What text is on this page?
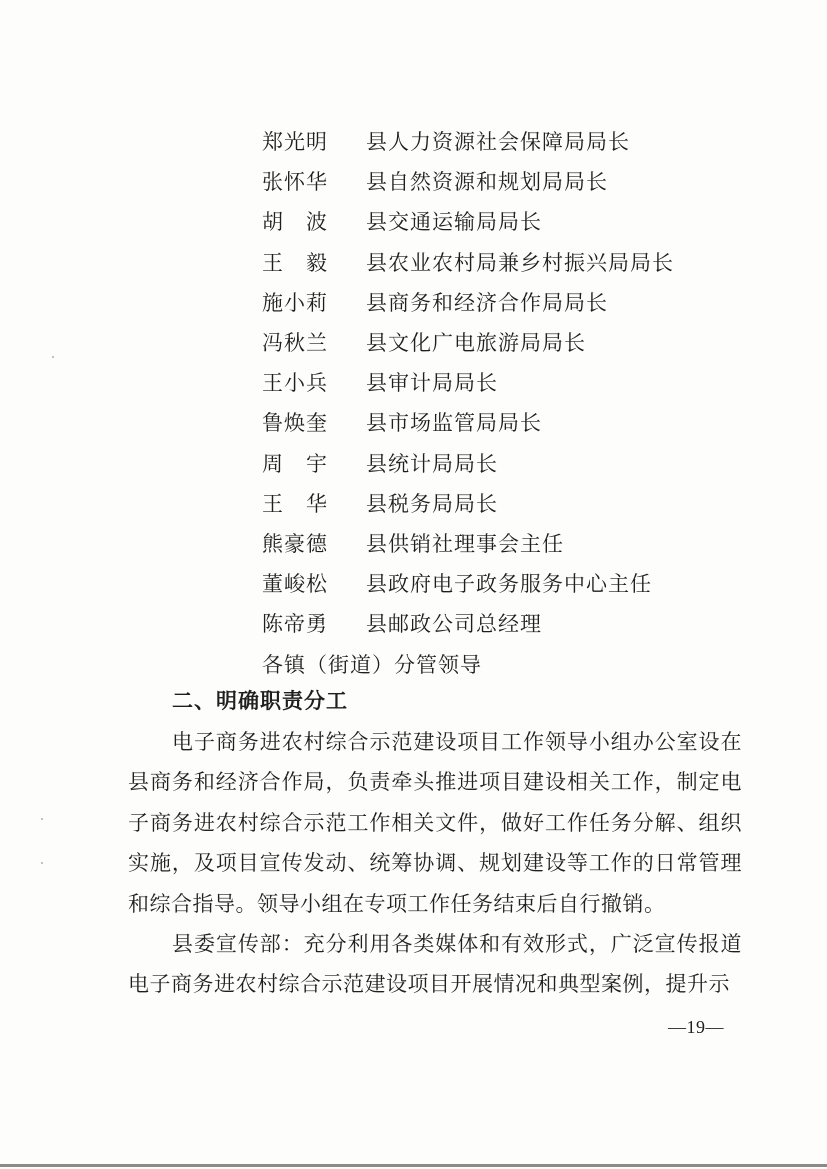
郑光明	县人力资源社会保障局局长
张怀华	县自然资源和规划局局长
胡　波	县交通运输局局长
王　毅	县农业农村局兼乡村振兴局局长
施小莉	县商务和经济合作局局长
冯秋兰	县文化广电旅游局局长
王小兵	县审计局局长
鲁焕奎	县市场监管局局长
周　宇	县统计局局长
王　华	县税务局局长
熊豪德	县供销社理事会主任
董峻松	县政府电子政务服务中心主任
陈帝勇	县邮政公司总经理
各镇（街道）分管领导
二、明确职责分工

电子商务进农村综合示范建设项目工作领导小组办公室设在县商务和经济合作局，负责牵头推进项目建设相关工作，制定电子商务进农村综合示范工作相关文件，做好工作任务分解、组织实施，及项目宣传发动、统筹协调、规划建设等工作的日常管理和综合指导。领导小组在专项工作任务结束后自行撤销。

县委宣传部：充分利用各类媒体和有效形式，广泛宣传报道电子商务进农村综合示范建设项目开展情况和典型案例，提升示

—19—
